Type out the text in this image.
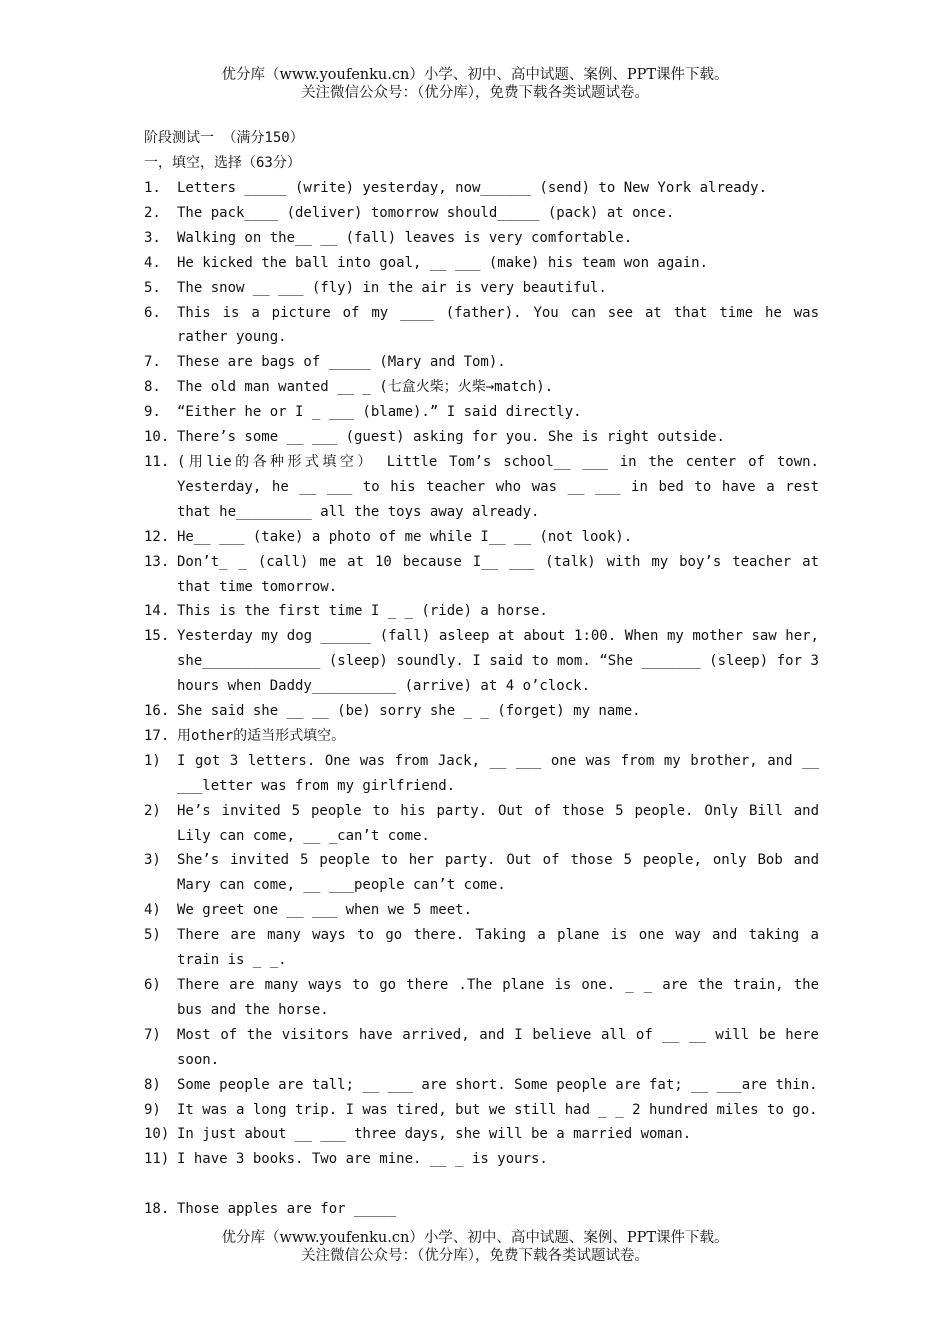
优分库（www.youfenku.cn）小学、初中、高中试题、案例、PPT课件下载。
关注微信公众号：（优分库），免费下载各类试题试卷。
阶段测试一 （满分150）
一，填空，选择（63分）
1.	Letters _____ (write) yesterday, now______ (send) to New York already.
2.	The pack____ (deliver) tomorrow should_____ (pack) at once.
3.	Walking on the__ __ (fall) leaves is very comfortable.
4.	He kicked the ball into goal, __ ___ (make) his team won again.
5.	The snow __ ___ (fly) in the air is very beautiful.
6.	This is a picture of my ____ (father). You can see at that time he was rather young.
7.	These are bags of _____ (Mary and Tom).
8.	The old man wanted __ _ (七盒火柴；火柴→match).
9.	“Either he or I _ ___ (blame).” I said directly.
10. There’s some __ ___ (guest) asking for you. She is right outside.
11. (用lie的各种形式填空） Little Tom’s school__ ___ in the center of town. Yesterday, he __ ___ to his teacher who was __ ___ in bed to have a rest that he_________ all the toys away already.
12. He__ ___ (take) a photo of me while I__ __ (not look).
13. Don’t_ _ (call) me at 10 because I__ ___ (talk) with my boy’s teacher at that time tomorrow.
14. This is the first time I _ _ (ride) a horse.
15. Yesterday my dog ______ (fall) asleep at about 1:00. When my mother saw her, she______________ (sleep) soundly. I said to mom. “She _______ (sleep) for 3 hours when Daddy__________ (arrive) at 4 o’clock.
16. She said she __ __ (be) sorry she _ _ (forget) my name.
17. 用other的适当形式填空。
1)	I got 3 letters. One was from Jack, __ ___ one was from my brother, and __ ___letter was from my girlfriend.
2)	He’s invited 5 people to his party. Out of those 5 people. Only Bill and Lily can come, __ _can’t come.
3)	She’s invited 5 people to her party. Out of those 5 people, only Bob and Mary can come, __ ___people can’t come.
4)	We greet one __ ___ when we 5 meet.
5)	There are many ways to go there. Taking a plane is one way and taking a train is _ _.
6)	There are many ways to go there .The plane is one. _ _ are the train, the bus and the horse.
7)	Most of the visitors have arrived, and I believe all of __ __ will be here soon.
8)	Some people are tall; __ ___ are short. Some people are fat; __ ___are thin.
9)	It was a long trip. I was tired, but we still had _ _ 2 hundred miles to go.
10) In just about __ ___ three days, she will be a married woman.
11) I have 3 books. Two are mine. __ _ is yours.
18. Those apples are for _____
优分库（www.youfenku.cn）小学、初中、高中试题、案例、PPT课件下载。
关注微信公众号：（优分库），免费下载各类试题试卷。
